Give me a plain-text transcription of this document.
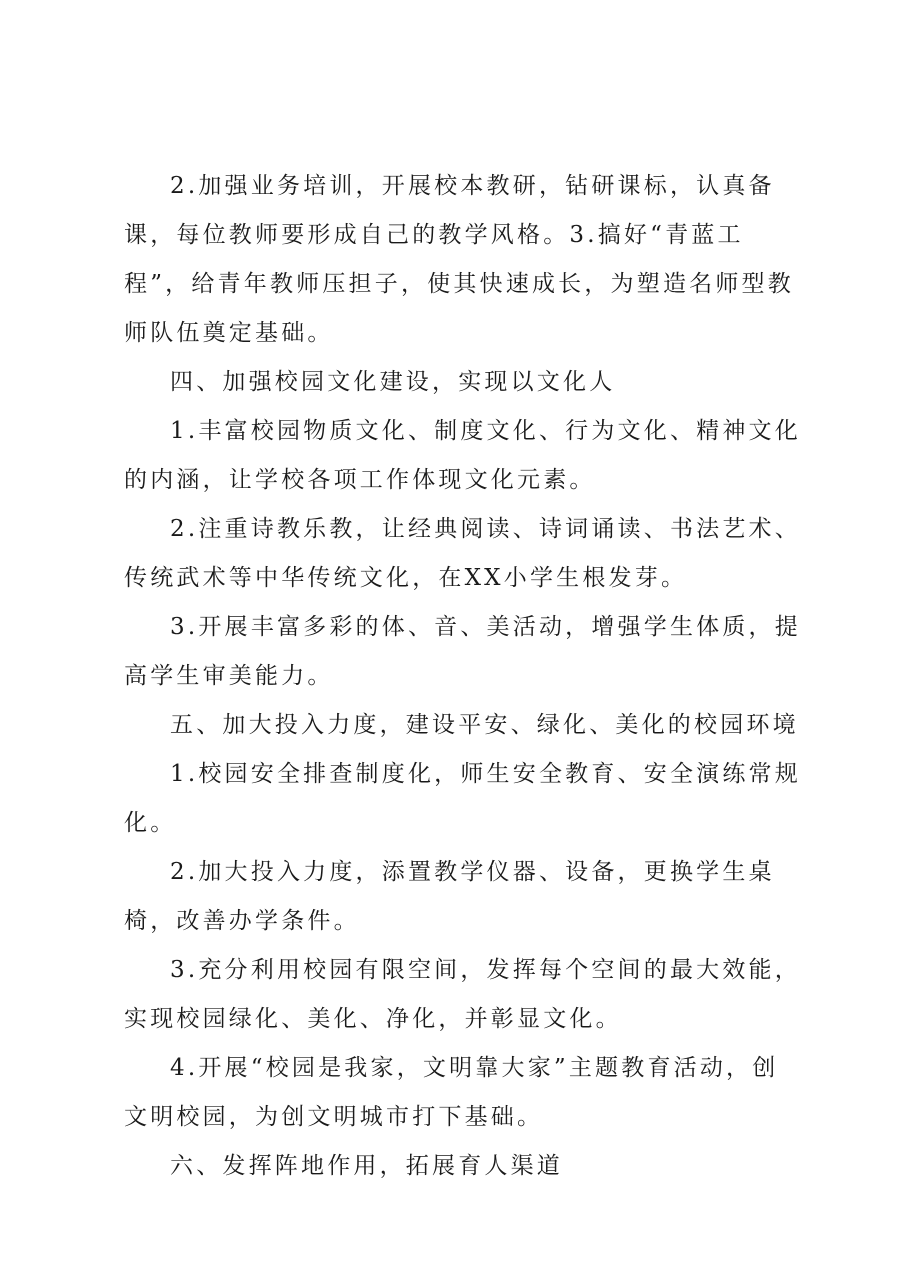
2.加强业务培训，开展校本教研，钻研课标，认真备课，每位教师要形成自己的教学风格。3.搞好“青蓝工程”，给青年教师压担子，使其快速成长，为塑造名师型教师队伍奠定基础。

四、加强校园文化建设，实现以文化人

1.丰富校园物质文化、制度文化、行为文化、精神文化的内涵，让学校各项工作体现文化元素。

2.注重诗教乐教，让经典阅读、诗词诵读、书法艺术、传统武术等中华传统文化，在XX小学生根发芽。

3.开展丰富多彩的体、音、美活动，增强学生体质，提高学生审美能力。

五、加大投入力度，建设平安、绿化、美化的校园环境

1.校园安全排查制度化，师生安全教育、安全演练常规化。

2.加大投入力度，添置教学仪器、设备，更换学生桌椅，改善办学条件。

3.充分利用校园有限空间，发挥每个空间的最大效能，实现校园绿化、美化、净化，并彰显文化。

4.开展“校园是我家，文明靠大家”主题教育活动，创文明校园，为创文明城市打下基础。

六、发挥阵地作用，拓展育人渠道
